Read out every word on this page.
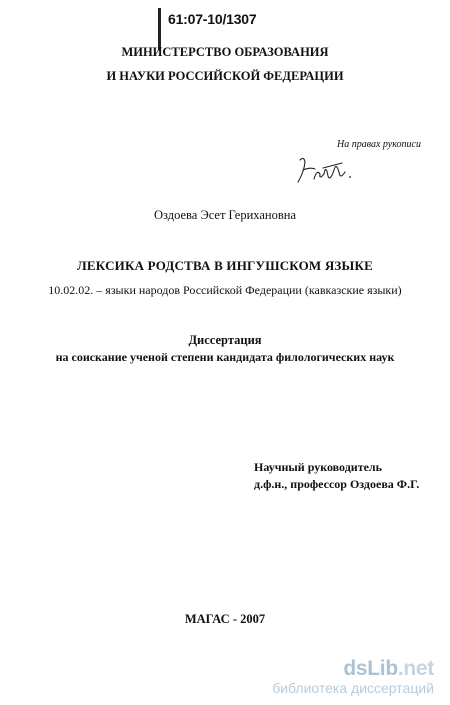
61:07-10/1307
МИНИСТЕРСТВО ОБРАЗОВАНИЯ
И НАУКИ РОССИЙСКОЙ ФЕДЕРАЦИИ
На правах рукописи
Оздоева Эсет Герихановна
ЛЕКСИКА РОДСТВА В ИНГУШСКОМ ЯЗЫКЕ
10.02.02. – языки народов Российской Федерации (кавказские языки)
Диссертация
на соискание ученой степени кандидата филологических наук
Научный руководитель
д.ф.н., профессор Оздоева Ф.Г.
МАГАС - 2007
dsLib.net
библиотека диссертаций
